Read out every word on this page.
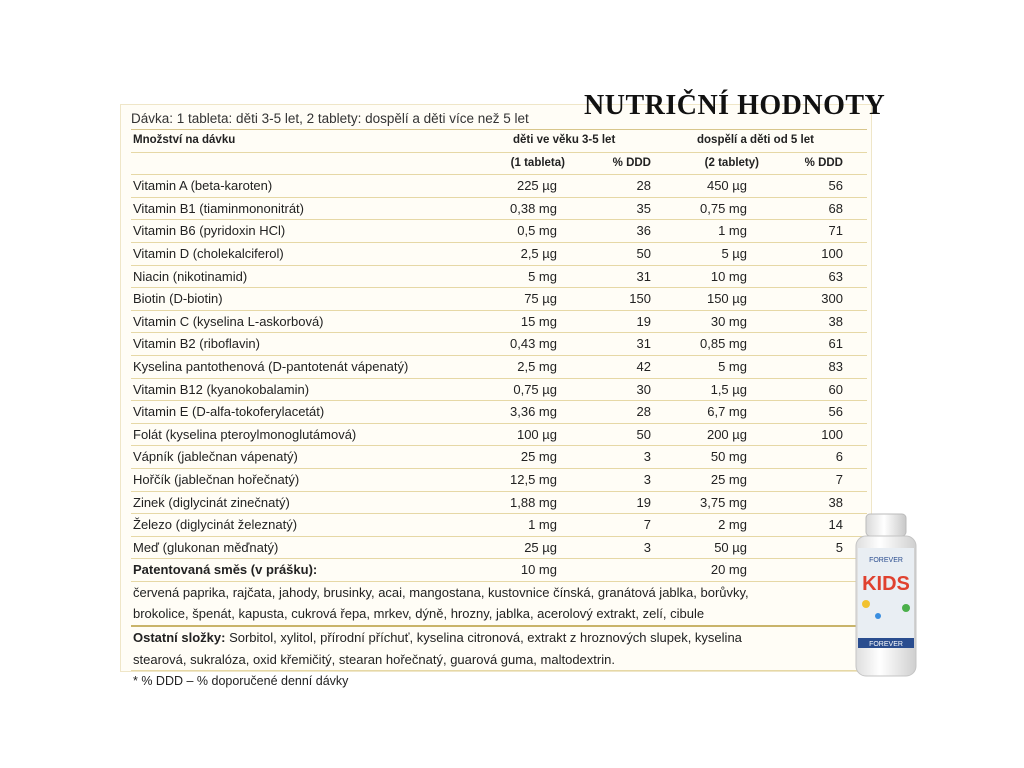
NUTRIČNÍ HODNOTY
Dávka: 1 tableta: děti 3-5 let, 2 tablety: dospělí a děti více než 5 let
Množství na dávku	děti ve věku 3-5 let	dospělí a děti od 5 let
(1 tableta)	% DDD	(2 tablety)	% DDD
Vitamin A (beta-karoten)	225 µg	28	450 µg	56
Vitamin B1 (tiaminmononitrát)	0,38 mg	35	0,75 mg	68
Vitamin B6 (pyridoxin HCl)	0,5 mg	36	1 mg	71
Vitamin D (cholekalciferol)	2,5 µg	50	5 µg	100
Niacin (nikotinamid)	5 mg	31	10 mg	63
Biotin (D-biotin)	75 µg	150	150 µg	300
Vitamin C (kyselina L-askorbová)	15 mg	19	30 mg	38
Vitamin B2 (riboflavin)	0,43 mg	31	0,85 mg	61
Kyselina pantothenová (D-pantotenát vápenatý)	2,5 mg	42	5 mg	83
Vitamin B12 (kyanokobalamin)	0,75 µg	30	1,5 µg	60
Vitamin E (D-alfa-tokoferylacetát)	3,36 mg	28	6,7 mg	56
Folát (kyselina pteroylmonoglutámová)	100 µg	50	200 µg	100
Vápník (jablečnan vápenatý)	25 mg	3	50 mg	6
Hořčík (jablečnan hořečnatý)	12,5 mg	3	25 mg	7
Zinek (diglycinát zinečnatý)	1,88 mg	19	3,75 mg	38
Železo (diglycinát železnatý)	1 mg	7	2 mg	14
Meď (glukonan měďnatý)	25 µg	3	50 µg	5
Patentovaná směs (v prášku):	10 mg	20 mg
červená paprika, rajčata, jahody, brusinky, acai, mangostana, kustovnice čínská, granátová jablka, borůvky,
brokolice, špenát, kapusta, cukrová řepa, mrkev, dýně, hrozny, jablka, acerolový extrakt, zelí, cibule
Ostatní složky: Sorbitol, xylitol, přírodní příchuť, kyselina citronová, extrakt z hroznových slupek, kyselina
stearová, sukralóza, oxid křemičitý, stearan hořečnatý, guarová guma, maltodextrin.
* % DDD – % doporučené denní dávky
FOREVER
KIDS
FOREVER
